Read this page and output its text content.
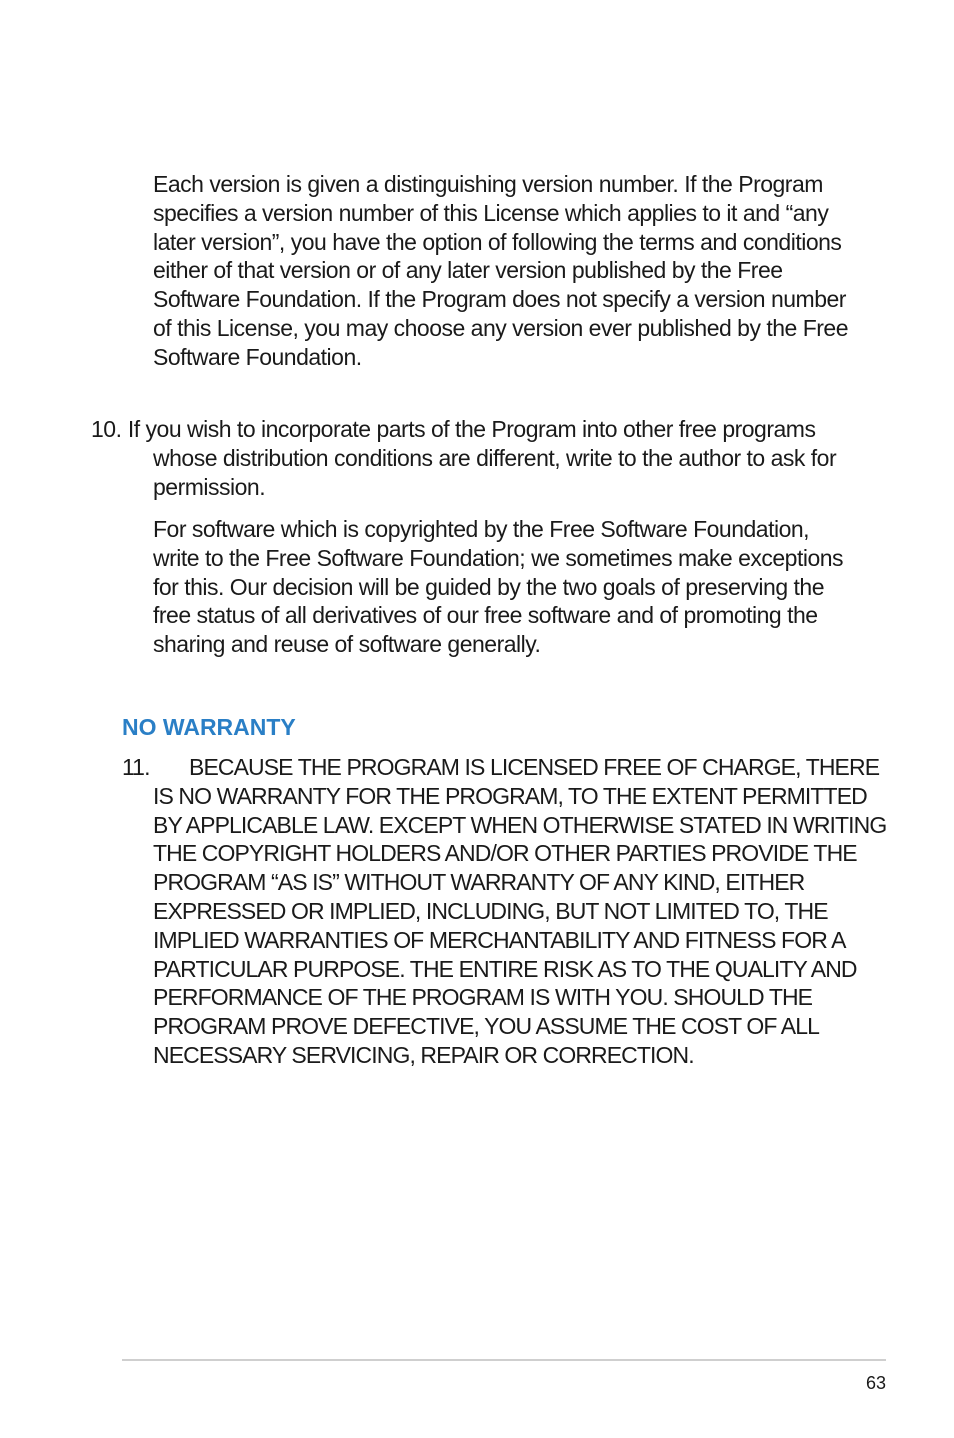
Each version is given a distinguishing version number. If the Program specifies a version number of this License which applies to it and “any later version”, you have the option of following the terms and conditions either of that version or of any later version published by the Free Software Foundation. If the Program does not specify a version number of this License, you may choose any version ever published by the Free Software Foundation.

10. If you wish to incorporate parts of the Program into other free programs whose distribution conditions are different, write to the author to ask for permission.

For software which is copyrighted by the Free Software Foundation, write to the Free Software Foundation; we sometimes make exceptions for this. Our decision will be guided by the two goals of preserving the free status of all derivatives of our free software and of promoting the sharing and reuse of software generally.

NO WARRANTY

11. BECAUSE THE PROGRAM IS LICENSED FREE OF CHARGE, THERE IS NO WARRANTY FOR THE PROGRAM, TO THE EXTENT PERMITTED BY APPLICABLE LAW. EXCEPT WHEN OTHERWISE STATED IN WRITING THE COPYRIGHT HOLDERS AND/OR OTHER PARTIES PROVIDE THE PROGRAM “AS IS” WITHOUT WARRANTY OF ANY KIND, EITHER EXPRESSED OR IMPLIED, INCLUDING, BUT NOT LIMITED TO, THE IMPLIED WARRANTIES OF MERCHANTABILITY AND FITNESS FOR A PARTICULAR PURPOSE. THE ENTIRE RISK AS TO THE QUALITY AND PERFORMANCE OF THE PROGRAM IS WITH YOU. SHOULD THE PROGRAM PROVE DEFECTIVE, YOU ASSUME THE COST OF ALL NECESSARY SERVICING, REPAIR OR CORRECTION.

63
